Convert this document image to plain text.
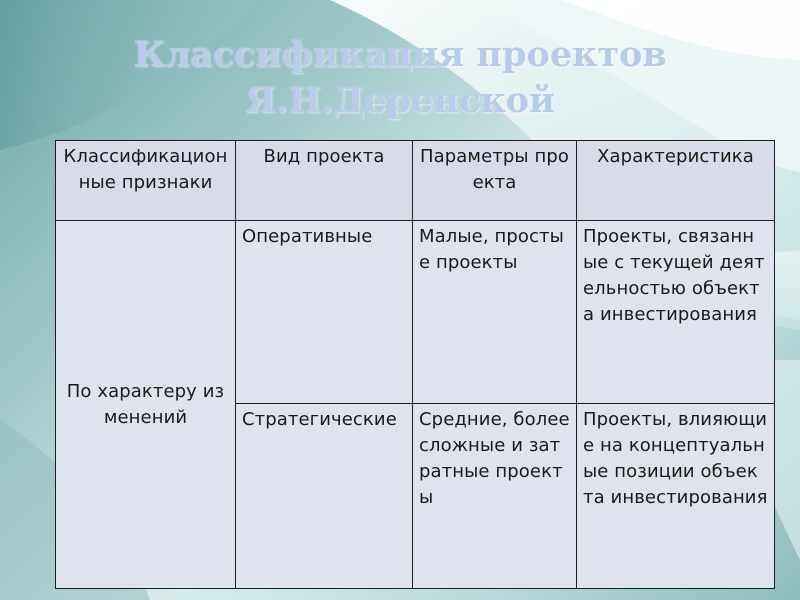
Классификация проектов
Я.Н.Деренской
Классификационные признаки	Вид проекта	Параметры проекта	Характеристика
По характеру изменений	Оперативные	Малые, простые проекты	Проекты, связанные с текущей деятельностью объекта инвестирования
	Стратегические	Средние, более сложные и затратные проекты	Проекты, влияющие на концептуальные позиции объекта инвестирования
